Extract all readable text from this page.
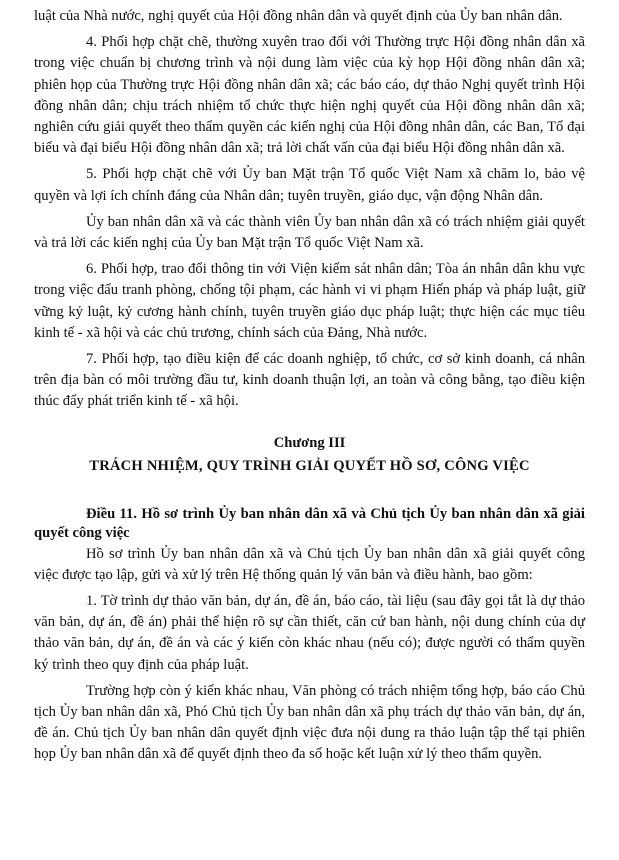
luật của Nhà nước, nghị quyết của Hội đồng nhân dân và quyết định của Ủy ban nhân dân.

4. Phối hợp chặt chẽ, thường xuyên trao đổi với Thường trực Hội đồng nhân dân xã trong việc chuẩn bị chương trình và nội dung làm việc của kỳ họp Hội đồng nhân dân xã; phiên họp của Thường trực Hội đồng nhân dân xã; các báo cáo, dự thảo Nghị quyết trình Hội đồng nhân dân; chịu trách nhiệm tổ chức thực hiện nghị quyết của Hội đồng nhân dân xã; nghiên cứu giải quyết theo thẩm quyền các kiến nghị của Hội đồng nhân dân, các Ban, Tổ đại biểu và đại biểu Hội đồng nhân dân xã; trả lời chất vấn của đại biểu Hội đồng nhân dân xã.

5. Phối hợp chặt chẽ với Ủy ban Mặt trận Tổ quốc Việt Nam xã chăm lo, bảo vệ quyền và lợi ích chính đáng của Nhân dân; tuyên truyền, giáo dục, vận động Nhân dân.

Ủy ban nhân dân xã và các thành viên Ủy ban nhân dân xã có trách nhiệm giải quyết và trả lời các kiến nghị của Ủy ban Mặt trận Tổ quốc Việt Nam xã.

6. Phối hợp, trao đổi thông tin với Viện kiểm sát nhân dân; Tòa án nhân dân khu vực trong việc đấu tranh phòng, chống tội phạm, các hành vi vi phạm Hiến pháp và pháp luật, giữ vững kỷ luật, kỷ cương hành chính, tuyên truyền giáo dục pháp luật; thực hiện các mục tiêu kinh tế - xã hội và các chủ trương, chính sách của Đảng, Nhà nước.

7. Phối hợp, tạo điều kiện để các doanh nghiệp, tổ chức, cơ sở kinh doanh, cá nhân trên địa bàn có môi trường đầu tư, kinh doanh thuận lợi, an toàn và công bằng, tạo điều kiện thúc đẩy phát triển kinh tế - xã hội.

Chương III

TRÁCH NHIỆM, QUY TRÌNH GIẢI QUYẾT HỒ SƠ, CÔNG VIỆC

Điều 11. Hồ sơ trình Ủy ban nhân dân xã và Chủ tịch Ủy ban nhân dân xã giải quyết công việc

Hồ sơ trình Ủy ban nhân dân xã và Chủ tịch Ủy ban nhân dân xã giải quyết công việc được tạo lập, gửi và xử lý trên Hệ thống quản lý văn bản và điều hành, bao gồm:

1. Tờ trình dự thảo văn bản, dự án, đề án, báo cáo, tài liệu (sau đây gọi tắt là dự thảo văn bản, dự án, đề án) phải thể hiện rõ sự cần thiết, căn cứ ban hành, nội dung chính của dự thảo văn bản, dự án, đề án và các ý kiến còn khác nhau (nếu có); được người có thẩm quyền ký trình theo quy định của pháp luật.

Trường hợp còn ý kiến khác nhau, Văn phòng có trách nhiệm tổng hợp, báo cáo Chủ tịch Ủy ban nhân dân xã, Phó Chủ tịch Ủy ban nhân dân xã phụ trách dự thảo văn bản, dự án, đề án. Chủ tịch Ủy ban nhân dân quyết định việc đưa nội dung ra thảo luận tập thể tại phiên họp Ủy ban nhân dân xã để quyết định theo đa số hoặc kết luận xử lý theo thẩm quyền.
